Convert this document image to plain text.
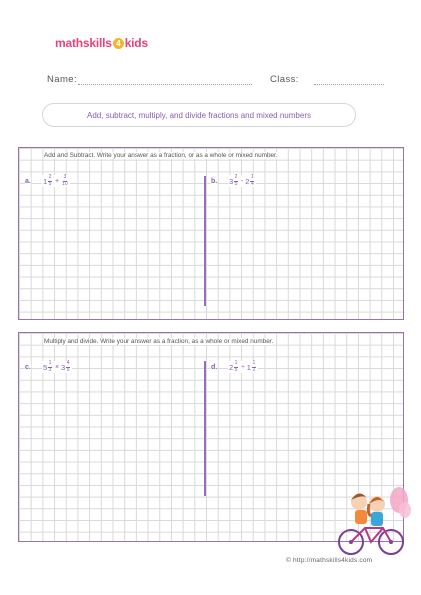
math skills 4 kids
Name:	Class:
Add, subtract, multiply, and divide fractions and mixed numbers
Add and Subtract. Write your answer as a fraction, or as a whole or mixed number.
a. $1 \frac{2}{5} + \frac{3}{10}$	b. $3 \frac{2}{5} - 2 \frac{1}{4}$
Multiply and divide. Write your answer as a fraction, as a whole or mixed number.
c. $5 \frac{1}{3} \times 3 \frac{4}{5}$	d. $2 \frac{1}{5} \div 1 \frac{1}{2}$
© http://mathskills4kids.com
